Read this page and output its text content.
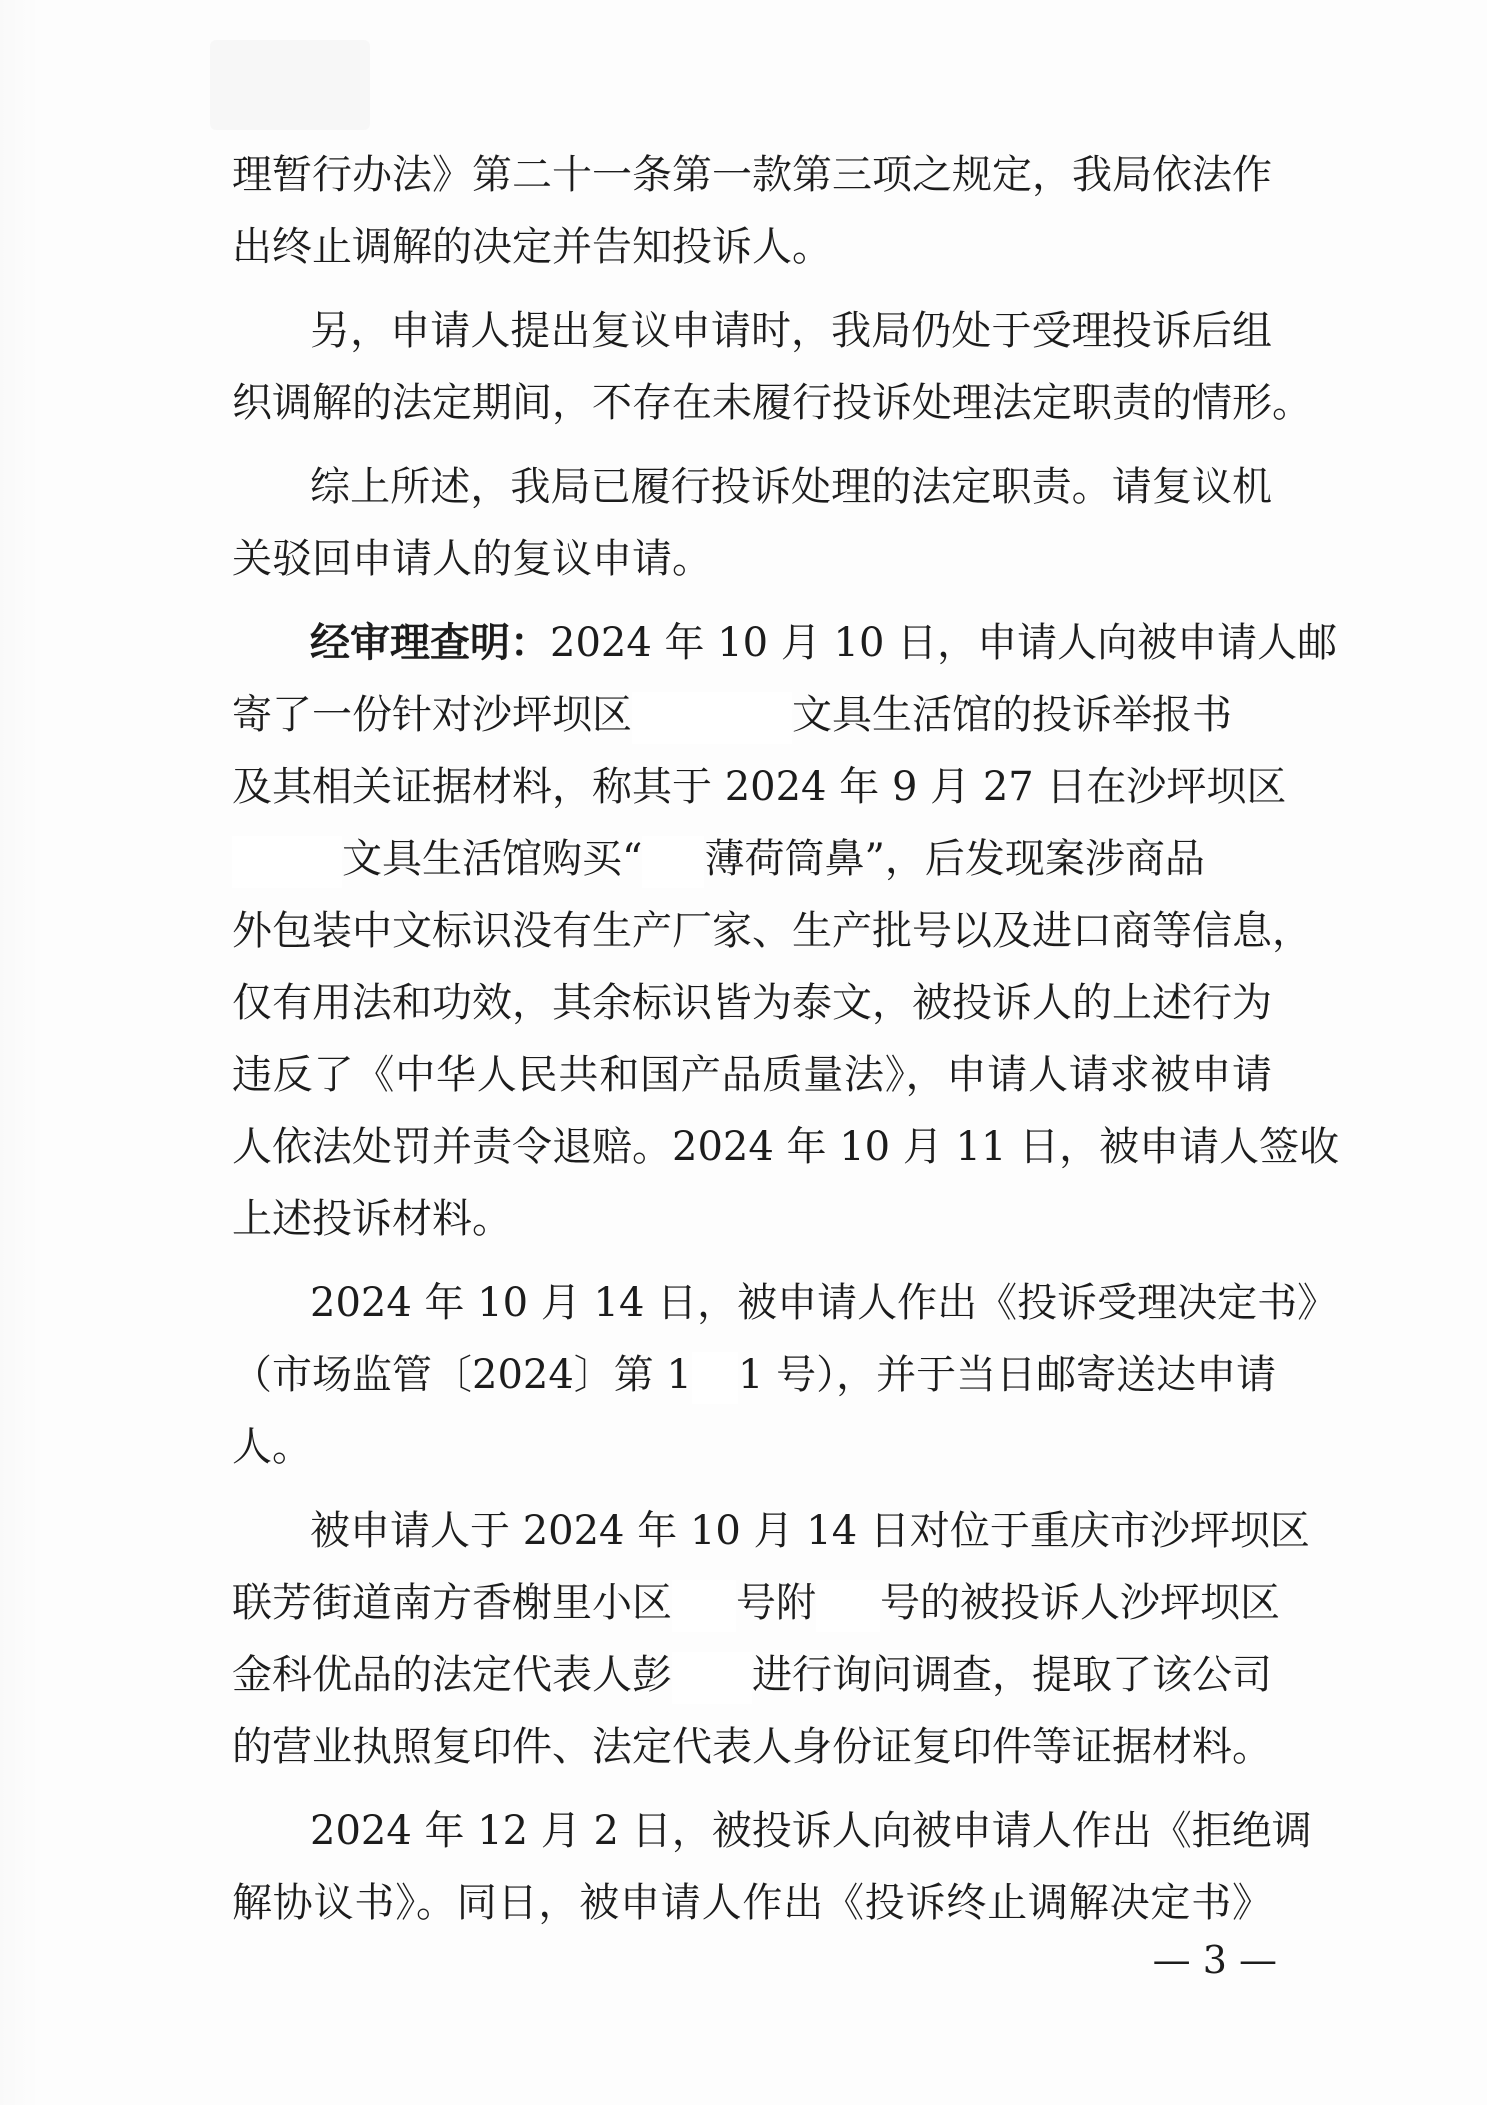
理暂行办法》第二十一条第一款第三项之规定，我局依法作
出终止调解的决定并告知投诉人。
另，申请人提出复议申请时，我局仍处于受理投诉后组
织调解的法定期间，不存在未履行投诉处理法定职责的情形。
综上所述，我局已履行投诉处理的法定职责。请复议机
关驳回申请人的复议申请。
经审理查明：2024 年 10 月 10 日，申请人向被申请人邮
寄了一份针对沙坪坝区	文具生活馆的投诉举报书
及其相关证据材料，称其于 2024 年 9 月 27 日在沙坪坝区
文具生活馆购买“ 薄荷筒鼻”，后发现案涉商品
外包装中文标识没有生产厂家、生产批号以及进口商等信息，
仅有用法和功效，其余标识皆为泰文，被投诉人的上述行为
违反了《中华人民共和国产品质量法》，申请人请求被申请
人依法处罚并责令退赔。2024 年 10 月 11 日，被申请人签收
上述投诉材料。
2024 年 10 月 14 日，被申请人作出《投诉受理决定书》
（市场监管〔2024〕第 1 1 号），并于当日邮寄送达申请
人。
被申请人于 2024 年 10 月 14 日对位于重庆市沙坪坝区
联芳街道南方香榭里小区 号附 号的被投诉人沙坪坝区
金科优品的法定代表人彭 进行询问调查，提取了该公司
的营业执照复印件、法定代表人身份证复印件等证据材料。
2024 年 12 月 2 日，被投诉人向被申请人作出《拒绝调
解协议书》。同日，被申请人作出《投诉终止调解决定书》
— 3 —
